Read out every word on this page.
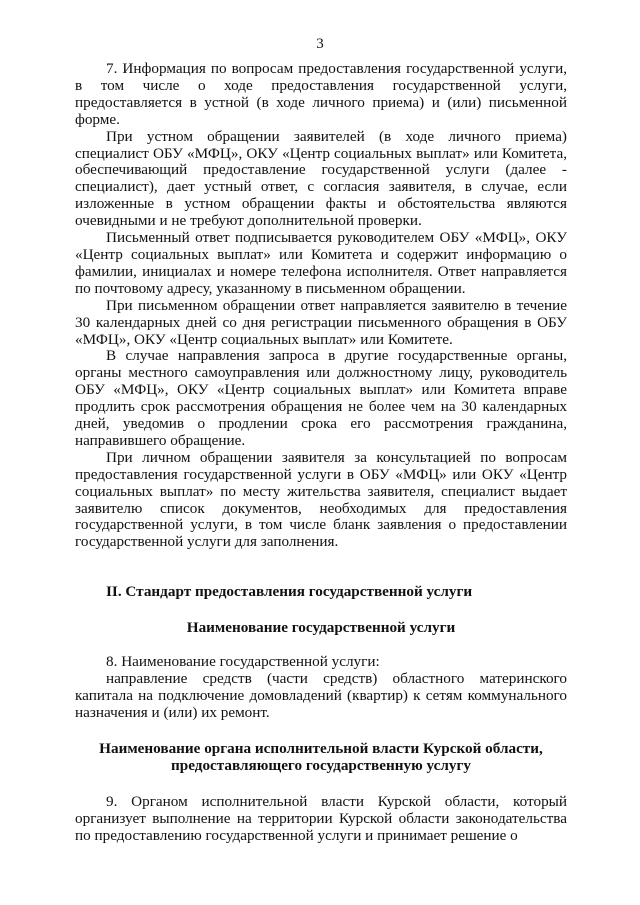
3

7. Информация по вопросам предоставления государственной услуги, в том числе о ходе предоставления государственной услуги, предоставляется в устной (в ходе личного приема) и (или) письменной форме.

При устном обращении заявителей (в ходе личного приема) специалист ОБУ «МФЦ», ОКУ «Центр социальных выплат» или Комитета, обеспечивающий предоставление государственной услуги (далее - специалист), дает устный ответ, с согласия заявителя, в случае, если изложенные в устном обращении факты и обстоятельства являются очевидными и не требуют дополнительной проверки.

Письменный ответ подписывается руководителем ОБУ «МФЦ», ОКУ «Центр социальных выплат» или Комитета и содержит информацию о фамилии, инициалах и номере телефона исполнителя. Ответ направляется по почтовому адресу, указанному в письменном обращении.

При письменном обращении ответ направляется заявителю в течение 30 календарных дней со дня регистрации письменного обращения в ОБУ «МФЦ», ОКУ «Центр социальных выплат» или Комитете.

В случае направления запроса в другие государственные органы, органы местного самоуправления или должностному лицу, руководитель ОБУ «МФЦ», ОКУ «Центр социальных выплат» или Комитета вправе продлить срок рассмотрения обращения не более чем на 30 календарных дней, уведомив о продлении срока его рассмотрения гражданина, направившего обращение.

При личном обращении заявителя за консультацией по вопросам предоставления государственной услуги в ОБУ «МФЦ» или ОКУ «Центр социальных выплат» по месту жительства заявителя, специалист выдает заявителю список документов, необходимых для предоставления государственной услуги, в том числе бланк заявления о предоставлении государственной услуги для заполнения.

II. Стандарт предоставления государственной услуги
Наименование государственной услуги

8. Наименование государственной услуги:

направление средств (части средств) областного материнского капитала на подключение домовладений (квартир) к сетям коммунального назначения и (или) их ремонт.

Наименование органа исполнительной власти Курской области,
предоставляющего государственную услугу

9. Органом исполнительной власти Курской области, который организует выполнение на территории Курской области законодательства по предоставлению государственной услуги и принимает решение о
